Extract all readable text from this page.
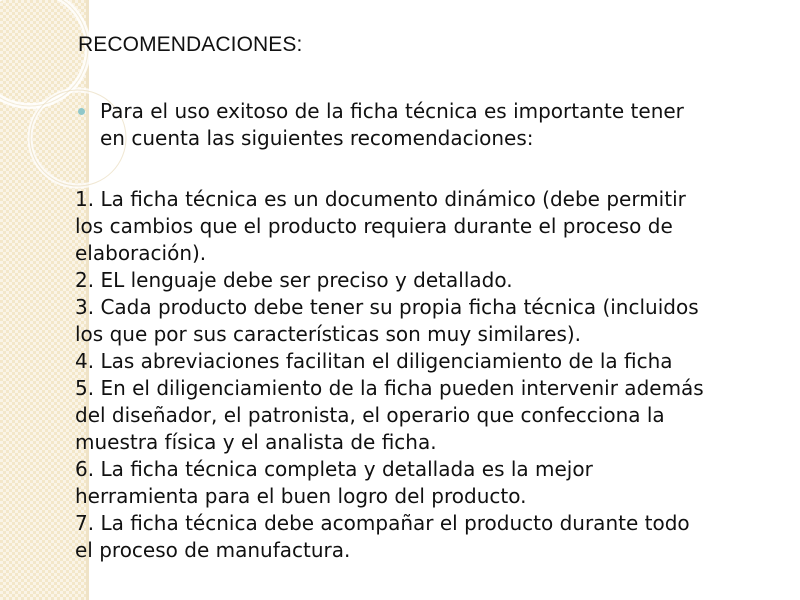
RECOMENDACIONES:
Para el uso exitoso de la ficha técnica es importante tener
en cuenta las siguientes recomendaciones:
1. La ficha técnica es un documento dinámico (debe permitir
los cambios que el producto requiera durante el proceso de
elaboración).
2. EL lenguaje debe ser preciso y detallado.
3. Cada producto debe tener su propia ficha técnica (incluidos
los que por sus características son muy similares).
4. Las abreviaciones facilitan el diligenciamiento de la ficha
5. En el diligenciamiento de la ficha pueden intervenir además
del diseñador, el patronista, el operario que confecciona la
muestra física y el analista de ficha.
6. La ficha técnica completa y detallada es la mejor
herramienta para el buen logro del producto.
7. La ficha técnica debe acompañar el producto durante todo
el proceso de manufactura.
